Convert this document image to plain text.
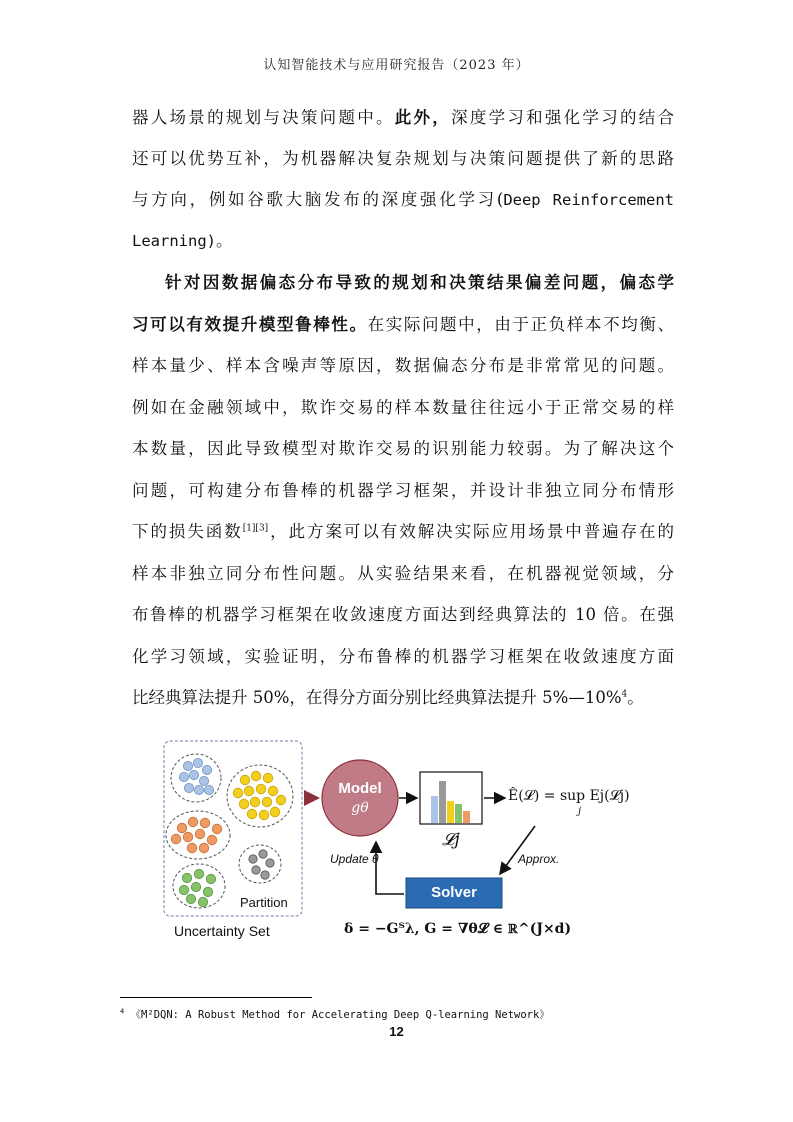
认知智能技术与应用研究报告（2023 年）
器人场景的规划与决策问题中。此外，深度学习和强化学习的结合
还可以优势互补，为机器解决复杂规划与决策问题提供了新的思路
与方向，例如谷歌大脑发布的深度强化学习(Deep Reinforcement
Learning)。
针对因数据偏态分布导致的规划和决策结果偏差问题，偏态学
习可以有效提升模型鲁棒性。在实际问题中，由于正负样本不均衡、
样本量少、样本含噪声等原因，数据偏态分布是非常常见的问题。
例如在金融领域中，欺诈交易的样本数量往往远小于正常交易的样
本数量，因此导致模型对欺诈交易的识别能力较弱。为了解决这个
问题，可构建分布鲁棒的机器学习框架，并设计非独立同分布情形
下的损失函数[1][3]，此方案可以有效解决实际应用场景中普遍存在的
样本非独立同分布性问题。从实验结果来看，在机器视觉领域，分
布鲁棒的机器学习框架在收敛速度方面达到经典算法的 10 倍。在强
化学习领域，实验证明，分布鲁棒的机器学习框架在收敛速度方面
比经典算法提升 50%，在得分方面分别比经典算法提升 5%—10%$^4$。
Model
gθ
𝓛j
Ê(𝓛) = sup Ej(𝓛j)
j
Approx.
Update θ
Solver
Partition
Uncertainty Set	δ = −Gᵀλ, G = ∇θ𝓛 ∈ ℝ^(J×d)
$^4$ 《M²DQN: A Robust Method for Accelerating Deep Q-learning Network》
12
